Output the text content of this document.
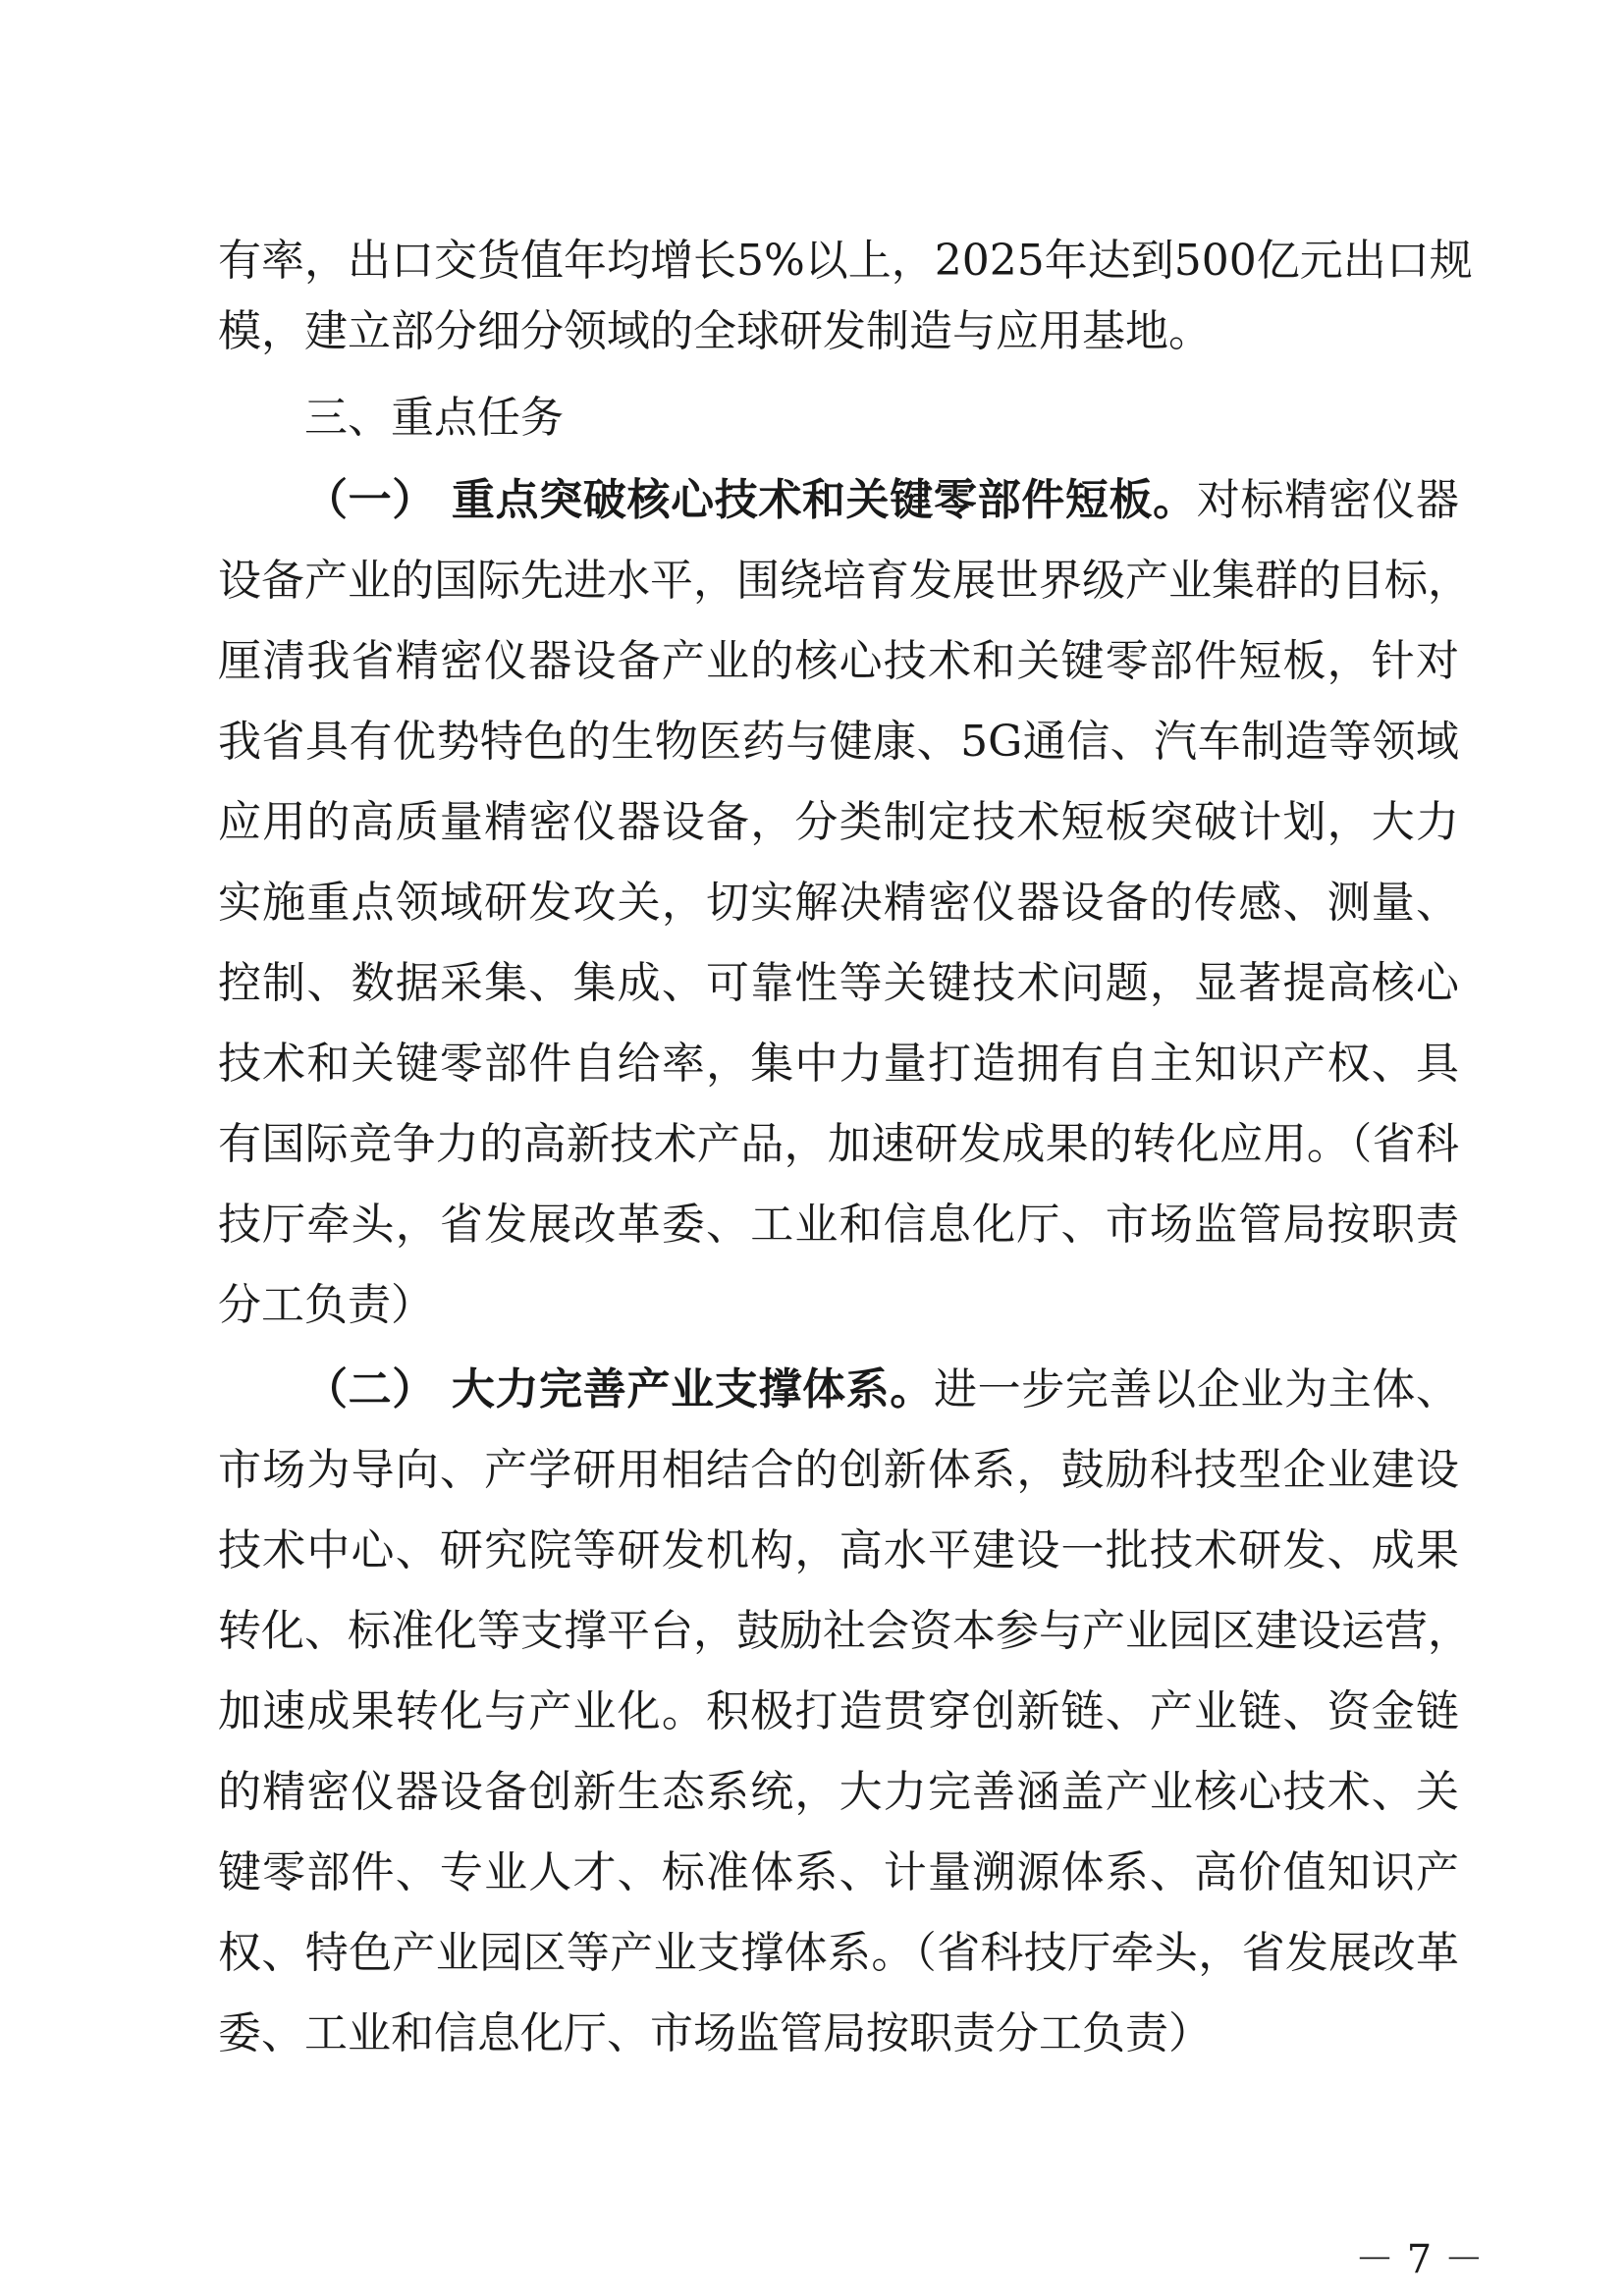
有率，出口交货值年均增长5%以上，2025年达到500亿元出口规
模，建立部分细分领域的全球研发制造与应用基地。
三、重点任务
（一） 重点突破核心技术和关键零部件短板。对标精密仪器
设备产业的国际先进水平，围绕培育发展世界级产业集群的目标，
厘清我省精密仪器设备产业的核心技术和关键零部件短板，针对
我省具有优势特色的生物医药与健康、5G通信、汽车制造等领域
应用的高质量精密仪器设备，分类制定技术短板突破计划，大力
实施重点领域研发攻关，切实解决精密仪器设备的传感、测量、
控制、数据采集、集成、可靠性等关键技术问题，显著提高核心
技术和关键零部件自给率，集中力量打造拥有自主知识产权、具
有国际竞争力的高新技术产品，加速研发成果的转化应用。（省科
技厅牵头，省发展改革委、工业和信息化厅、市场监管局按职责
分工负责）
（二） 大力完善产业支撑体系。进一步完善以企业为主体、
市场为导向、产学研用相结合的创新体系，鼓励科技型企业建设
技术中心、研究院等研发机构，高水平建设一批技术研发、成果
转化、标准化等支撑平台，鼓励社会资本参与产业园区建设运营，
加速成果转化与产业化。积极打造贯穿创新链、产业链、资金链
的精密仪器设备创新生态系统，大力完善涵盖产业核心技术、关
键零部件、专业人才、标准体系、计量溯源体系、高价值知识产
权、特色产业园区等产业支撑体系。（省科技厅牵头，省发展改革
委、工业和信息化厅、市场监管局按职责分工负责）
－ 7 －
